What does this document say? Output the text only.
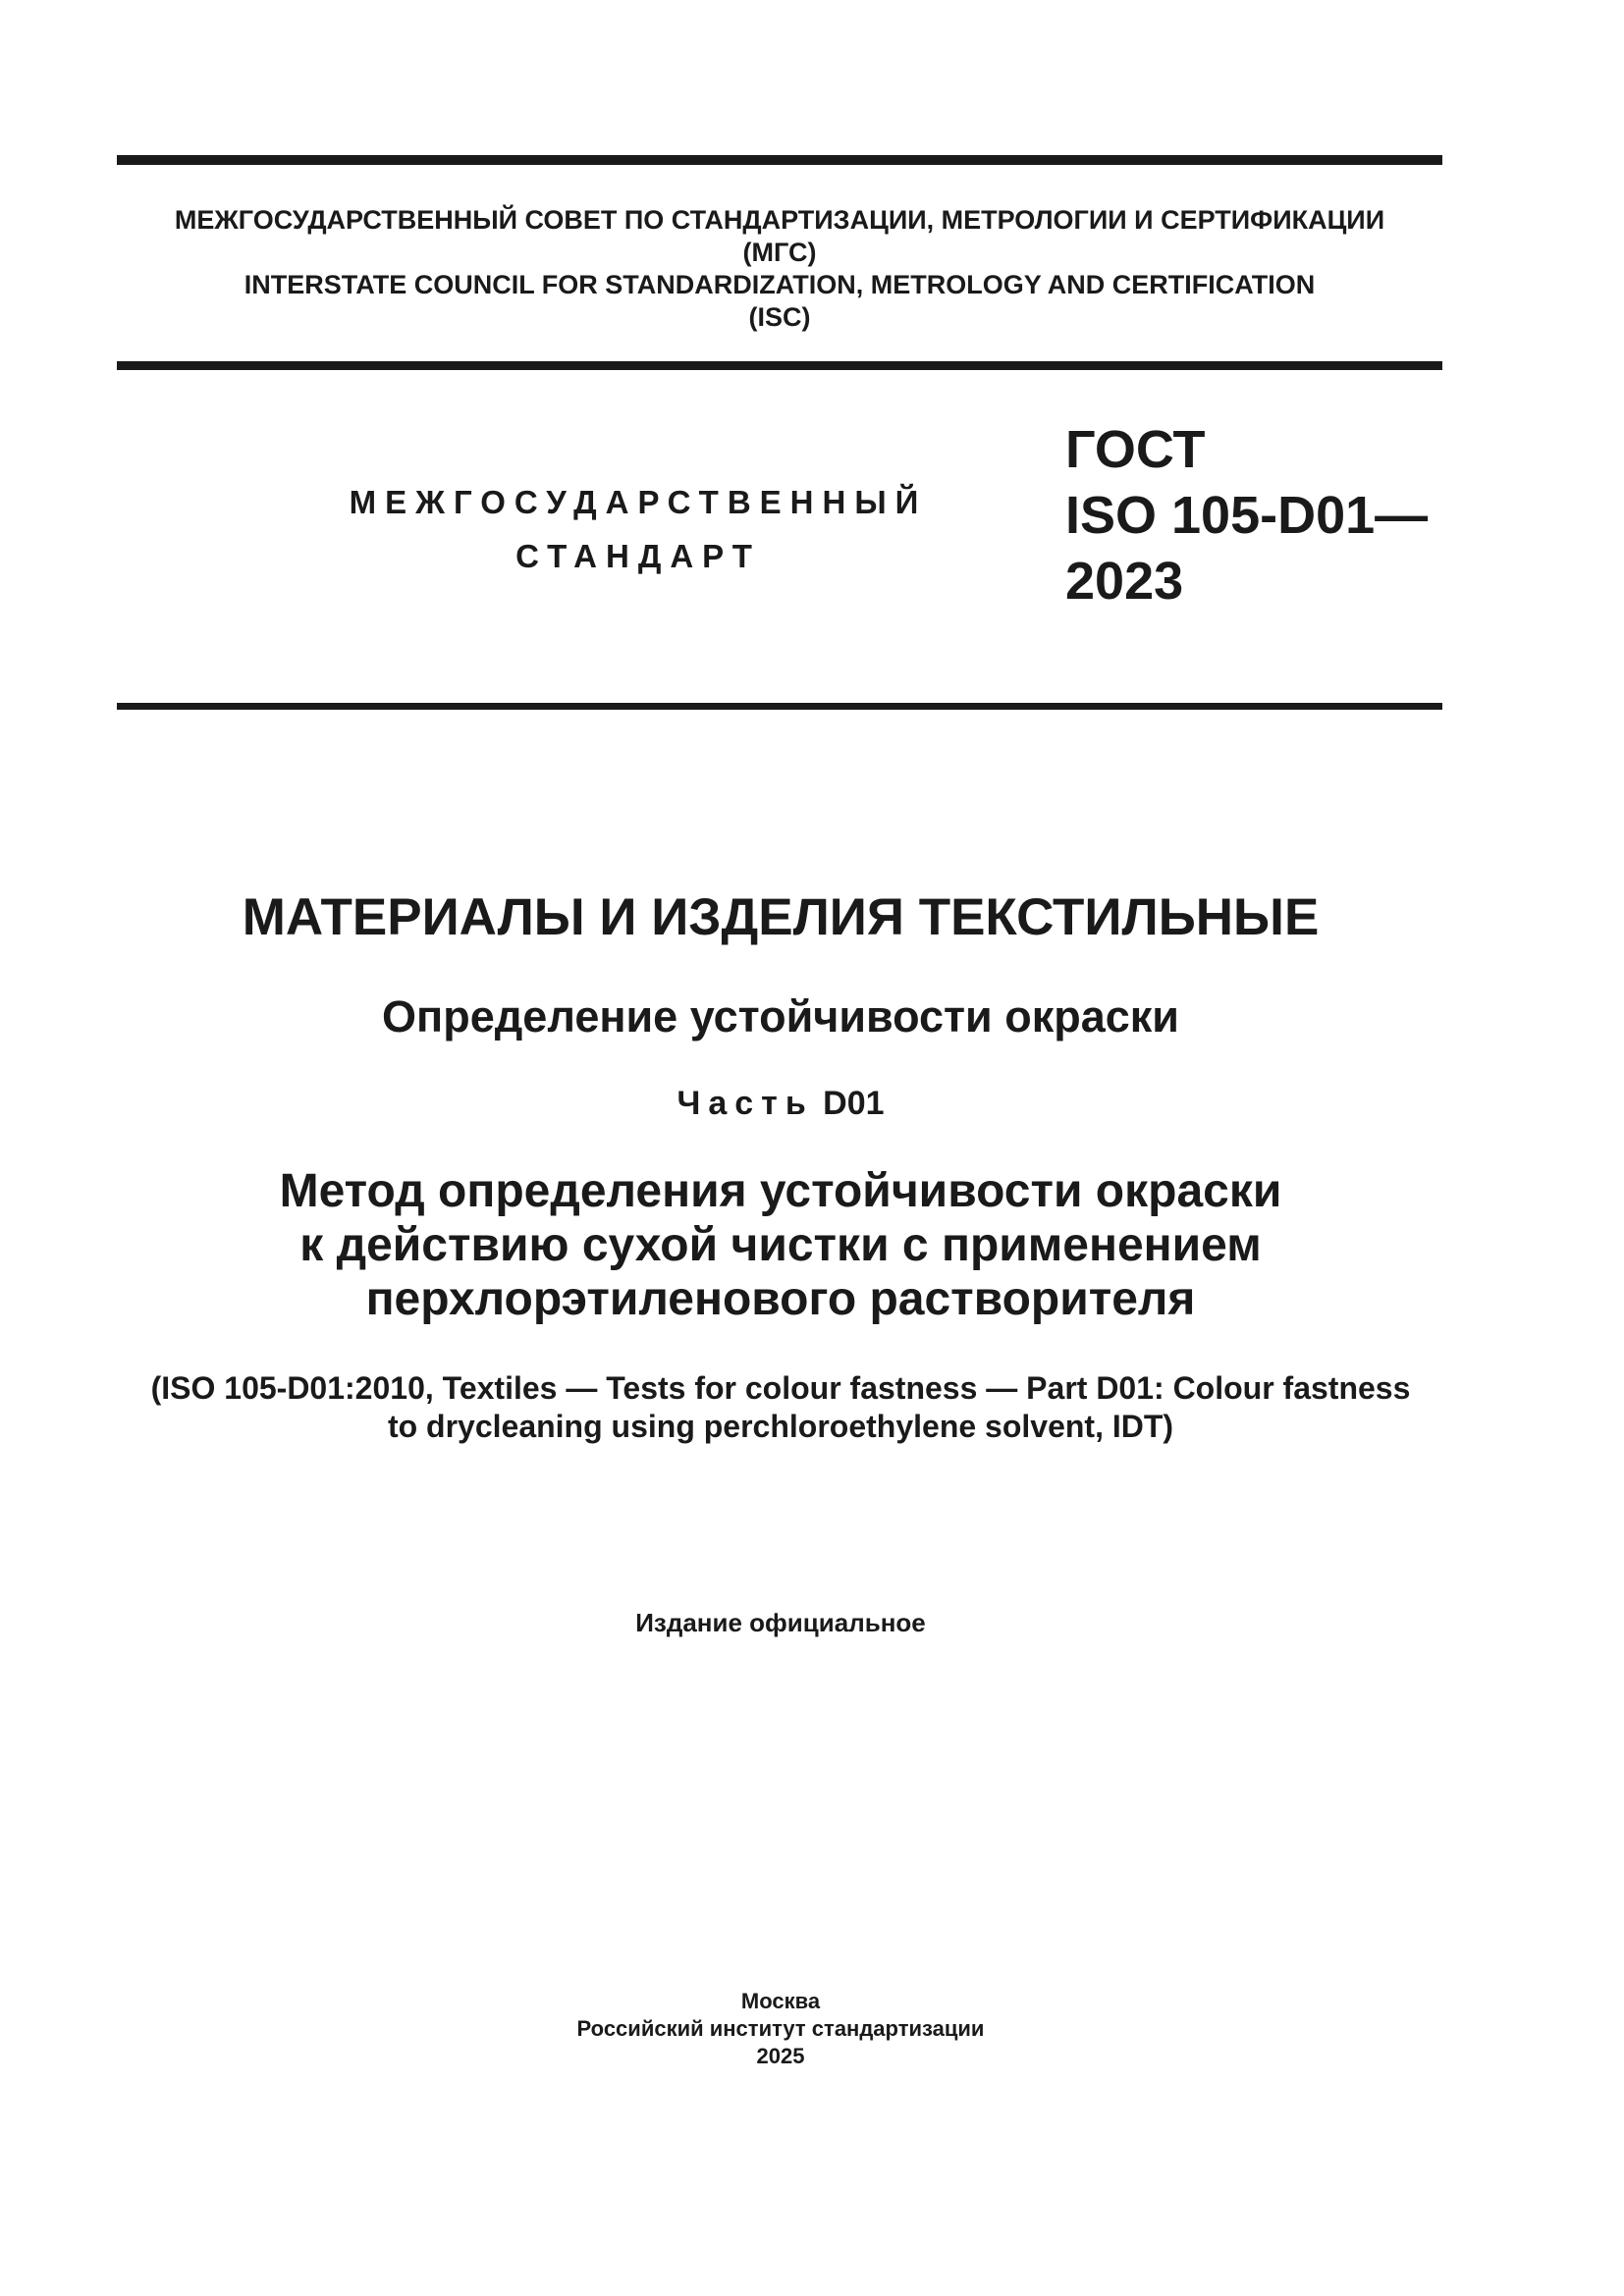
МЕЖГОСУДАРСТВЕННЫЙ СОВЕТ ПО СТАНДАРТИЗАЦИИ, МЕТРОЛОГИИ И СЕРТИФИКАЦИИ
(МГС)
INTERSTATE COUNCIL FOR STANDARDIZATION, METROLOGY AND CERTIFICATION
(ISC)
МЕЖГОСУДАРСТВЕННЫЙ
СТАНДАРТ
ГОСТ
ISO 105-D01—
2023
МАТЕРИАЛЫ И ИЗДЕЛИЯ ТЕКСТИЛЬНЫЕ
Определение устойчивости окраски
Часть D01
Метод определения устойчивости окраски
к действию сухой чистки с применением
перхлорэтиленового растворителя
(ISO 105-D01:2010, Textiles — Tests for colour fastness — Part D01: Colour fastness
to drycleaning using perchloroethylene solvent, IDT)
Издание официальное
Москва
Российский институт стандартизации
2025
